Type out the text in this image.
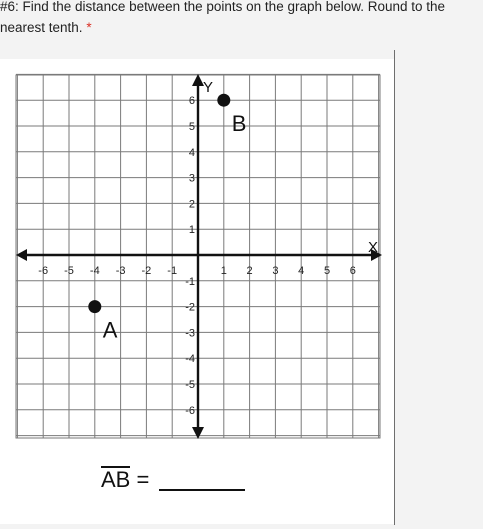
#6: Find the distance between the points on the graph below. Round to the nearest tenth. *
-6 -5 -4 -3 -2 -1	1 2 3 4 5 6
6
5
4
3
2
1
-1
-2
-3
-4
-5
-6
A
B
X
Y
AB =
